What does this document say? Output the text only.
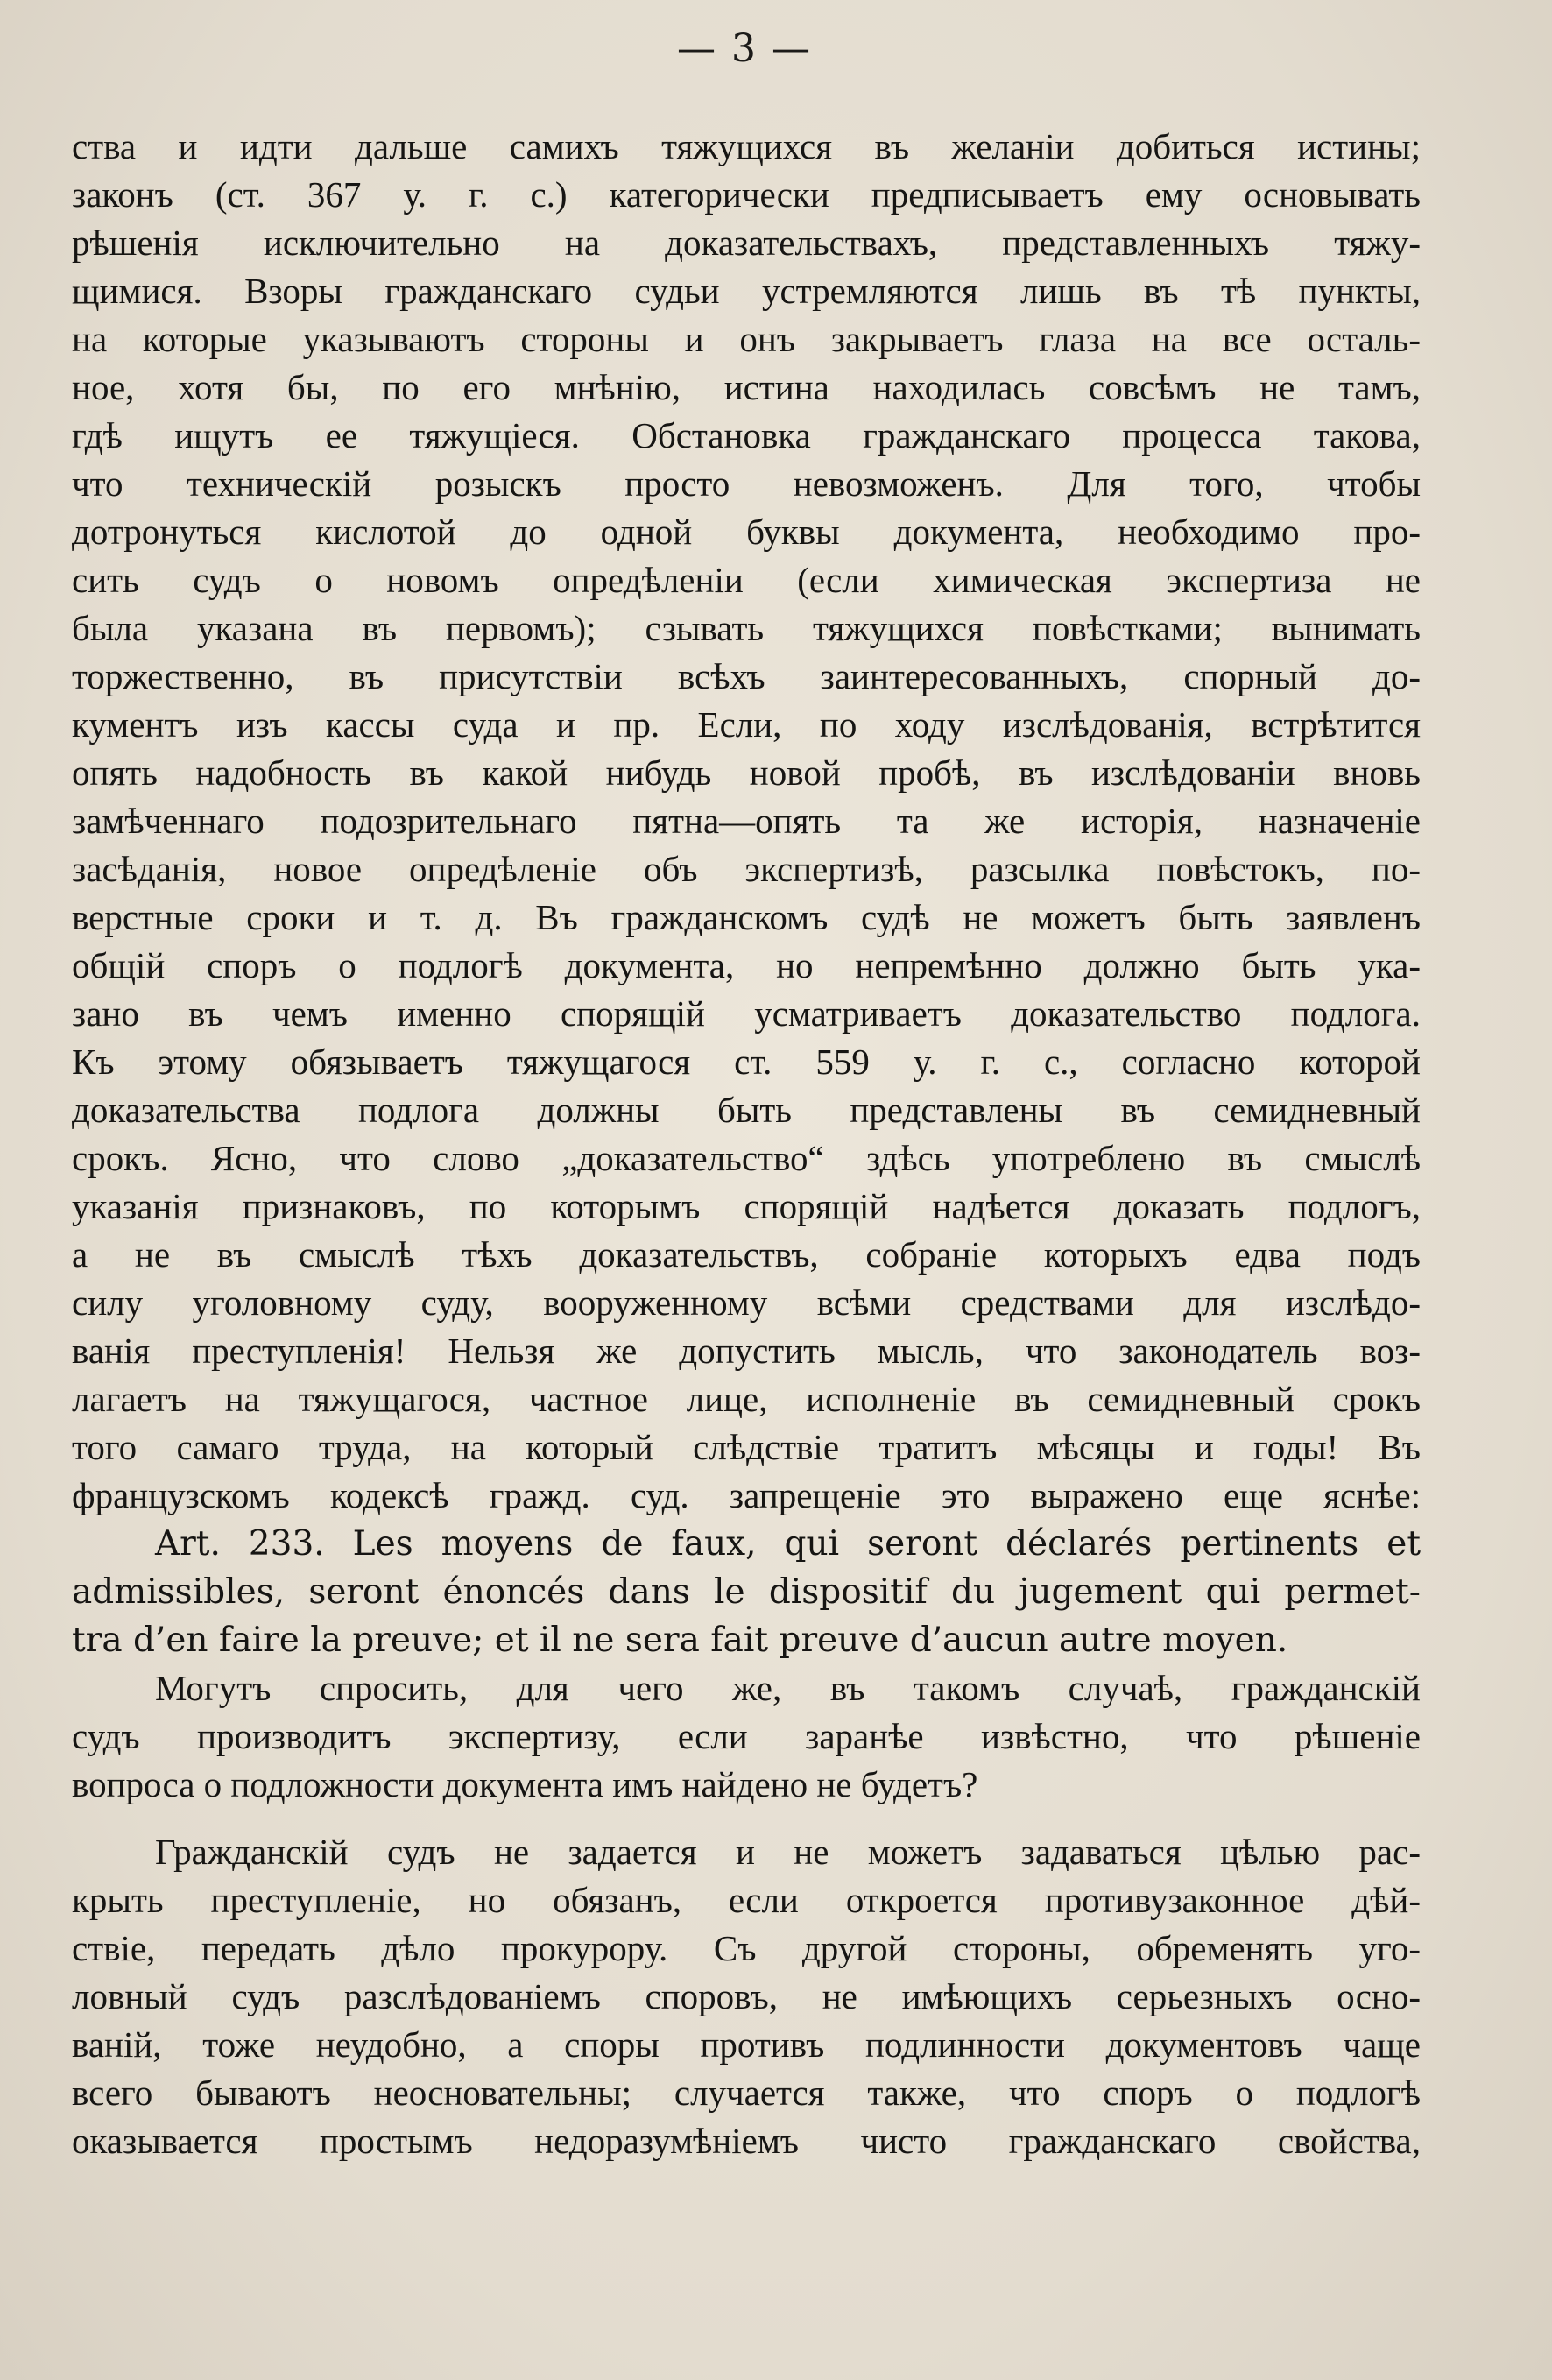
— 3 —
ства и идти дальше самихъ тяжущихся въ желанiи добиться истины;
законъ (ст. 367 у. г. с.) категорически предписываетъ ему основывать
рѣшенiя исключительно на доказательствахъ, представленныхъ тяжу-
щимися. Взоры гражданскаго судьи устремляются лишь въ тѣ пункты,
на которые указываютъ стороны и онъ закрываетъ глаза на все осталь-
ное, хотя бы, по его мнѣнiю, истина находилась совсѣмъ не тамъ,
гдѣ ищутъ ее тяжущiеся. Обстановка гражданскаго процесса такова,
что техническiй розыскъ просто невозможенъ. Для того, чтобы
дотронуться кислотой до одной буквы документа, необходимо про-
сить судъ о новомъ опредѣленiи (если химическая экспертиза не
была указана въ первомъ); сзывать тяжущихся повѣстками; вынимать
торжественно, въ присутствiи всѣхъ заинтересованныхъ, спорный до-
кументъ изъ кассы суда и пр. Если, по ходу изслѣдованiя, встрѣтится
опять надобность въ какой нибудь новой пробѣ, въ изслѣдованiи вновь
замѣченнаго подозрительнаго пятна—опять та же исторiя, назначенiе
засѣданiя, новое опредѣленiе объ экспертизѣ, разсылка повѣстокъ, по-
верстные сроки и т. д. Въ гражданскомъ судѣ не можетъ быть заявленъ
общiй споръ о подлогѣ документа, но непремѣнно должно быть ука-
зано въ чемъ именно спорящiй усматриваетъ доказательство подлога.
Къ этому обязываетъ тяжущагося ст. 559 у. г. с., согласно которой
доказательства подлога должны быть представлены въ семидневный
срокъ. Ясно, что слово „доказательство“ здѣсь употреблено въ смыслѣ
указанiя признаковъ, по которымъ спорящiй надѣется доказать подлогъ,
а не въ смыслѣ тѣхъ доказательствъ, собранiе которыхъ едва подъ
силу уголовному суду, вооруженному всѣми средствами для изслѣдо-
ванiя преступленiя! Нельзя же допустить мысль, что законодатель воз-
лагаетъ на тяжущагося, частное лице, исполненiе въ семидневный срокъ
того самаго труда, на который слѣдствiе тратитъ мѣсяцы и годы! Въ
французскомъ кодексѣ гражд. суд. запрещенiе это выражено еще яснѣе:
Art. 233. Les moyens de faux, qui seront déclarés pertinents et
admissibles, seront énoncés dans le dispositif du jugement qui permet-
tra d’en faire la preuve; et il ne sera fait preuve d’aucun autre moyen.
Могутъ спросить, для чего же, въ такомъ случаѣ, гражданскiй
судъ производитъ экспертизу, если заранѣе извѣстно, что рѣшенiе
вопроса о подложности документа имъ найдено не будетъ?
Гражданскiй судъ не задается и не можетъ задаваться цѣлью рас-
крыть преступленiе, но обязанъ, если откроется противузаконное дѣй-
ствiе, передать дѣло прокурору. Съ другой стороны, обременять уго-
ловный судъ разслѣдованiемъ споровъ, не имѣющихъ серьезныхъ осно-
ванiй, тоже неудобно, а споры противъ подлинности документовъ чаще
всего бываютъ неосновательны; случается также, что споръ о подлогѣ
оказывается простымъ недоразумѣнiемъ чисто гражданскаго свойства,
